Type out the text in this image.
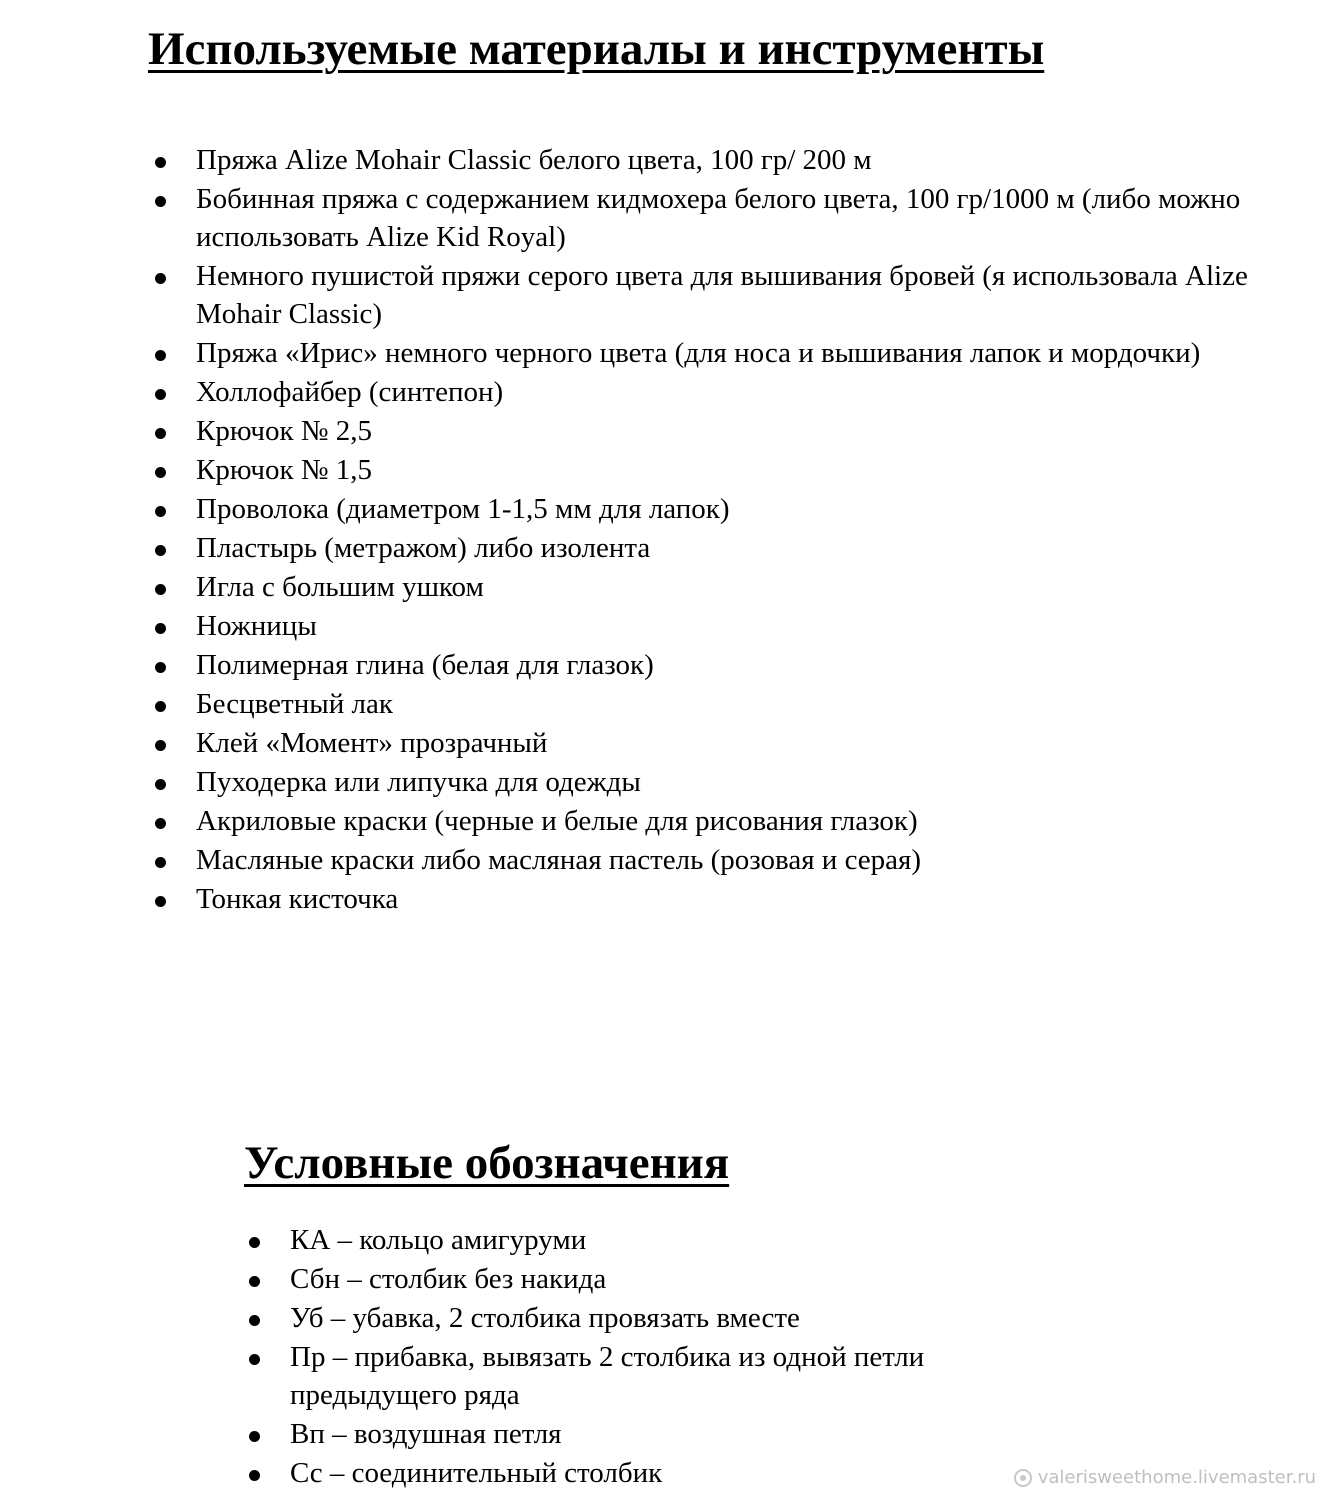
Используемые материалы и инструменты
Пряжа Alize Mohair Classic белого цвета, 100 гр/ 200 м
Бобинная пряжа с содержанием кидмохера белого цвета, 100 гр/1000 м (либо можно использовать Alize Kid Royal)
Немного пушистой пряжи серого цвета для вышивания бровей (я использовала Alize Mohair Classic)
Пряжа «Ирис» немного черного цвета (для носа и вышивания лапок и мордочки)
Холлофайбер (синтепон)
Крючок № 2,5
Крючок № 1,5
Проволока (диаметром 1-1,5 мм для лапок)
Пластырь (метражом) либо изолента
Игла с большим ушком
Ножницы
Полимерная глина (белая для глазок)
Бесцветный лак
Клей «Момент» прозрачный
Пуходерка или липучка для одежды
Акриловые краски (черные и белые для рисования глазок)
Масляные краски либо масляная пастель (розовая и серая)
Тонкая кисточка
Условные обозначения
КА – кольцо амигуруми
Сбн – столбик без накида
Уб – убавка, 2 столбика провязать вместе
Пр – прибавка, вывязать 2 столбика из одной петли предыдущего ряда
Вп – воздушная петля
Сс – соединительный столбик	valerisweethome.livemaster.ru
